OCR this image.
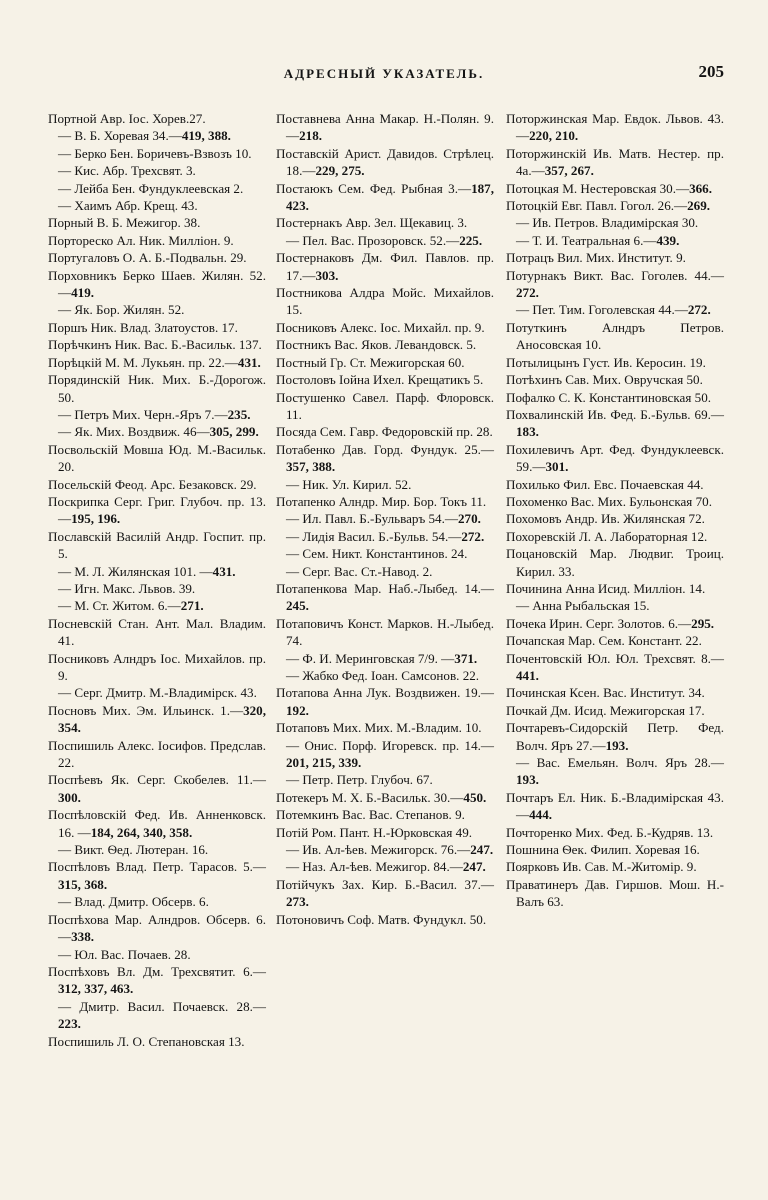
АДРЕСНЫЙ УКАЗАТЕЛЬ.	205

Портной Авр. Іос. Хорев.27.

— В. Б. Хоревая 34.—419, 388.

— Берко Бен. Боричевъ-Взвозъ 10.

— Кис. Абр. Трехсвят. 3.

— Лейба Бен. Фундуклеевская 2.

— Хаимъ Абр. Крещ. 43.

Порный В. Б. Межигор. 38.

Портореско Ал. Ник. Милліон. 9.

Португаловъ О. А. Б.-Подвальн. 29.

Порховникъ Берко Шаев. Жилян. 52.—419.

— Як. Бор. Жилян. 52.

Поршъ Ник. Влад. Златоустов. 17.

Порѣчкинъ Ник. Вас. Б.-Васильк. 137.

Порѣцкій М. М. Лукьян. пр. 22.—431.

Порядинскій Ник. Мих. Б.-Дорогож. 50.

— Петръ Мих. Черн.-Яръ 7.—235.

— Як. Мих. Воздвиж. 46—305, 299.

Посвольскій Мовша Юд. М.-Васильк. 20.

Посельскій Феод. Арс. Безаковск. 29.

Поскрипка Серг. Григ. Глубоч. пр. 13.—195, 196.

Пославскій Василій Андр. Госпит. пр. 5.

— М. Л. Жилянская 101. —431.

— Игн. Макс. Львов. 39.

— М. Ст. Житом. 6.—271.

Посневскій Стан. Ант. Мал. Владим. 41.

Посниковъ Алндръ Іос. Михайлов. пр. 9.

— Серг. Дмитр. М.-Владимірск. 43.

Посновъ Мих. Эм. Ильинск. 1.—320, 354.

Поспишиль Алекс. Іосифов. Предслав. 22.

Поспѣевъ Як. Серг. Скобелев. 11.—300.

Поспѣловскій Фед. Ив. Анненковск. 16. —184, 264, 340, 358.

— Викт. Ѳед. Лютеран. 16.

Поспѣловъ Влад. Петр. Тарасов. 5.—315, 368.

— Влад. Дмитр. Обсерв. 6.

Поспѣхова Мар. Алндров. Обсерв. 6.—338.

— Юл. Вас. Почаев. 28.

Поспѣховъ Вл. Дм. Трехсвятит. 6.—312, 337, 463.

— Дмитр. Васил. Почаевск. 28.—223.

Поспишиль Л. О. Степановская 13.

Поставнева Анна Макар. Н.-Полян. 9.—218.

Поставскій Арист. Давидов. Стрѣлец. 18.—229, 275.

Постаюкъ Сем. Фед. Рыбная 3.—187, 423.

Постернакъ Авр. Зел. Щекавиц. 3.

— Пел. Вас. Прозоровск. 52.—225.

Постернаковъ Дм. Фил. Павлов. пр. 17.—303.

Постникова Алдра Мойс. Михайлов. 15.

Пocниковъ Алекс. Іос. Михайл. пр. 9.

Постникъ Вас. Яков. Левандовск. 5.

Постный Гр. Ст. Межигорская 60.

Постоловъ Іойна Ихел. Крещатикъ 5.

Постушенко Савел. Парф. Флоровск. 11.

Посяда Сем. Гавр. Федоровскій пр. 28.

Потабенко Дав. Горд. Фундук. 25.—357, 388.

— Ник. Ул. Кирил. 52.

Потапенко Алндр. Мир. Бор. Токъ 11.

— Ил. Павл. Б.-Бульваръ 54.—270.

— Лидія Васил. Б.-Бульв. 54.—272.

— Сем. Никт. Константинов. 24.

— Серг. Вас. Ст.-Навод. 2.

Потапенкова Мар. Наб.-Лыбед. 14.—245.

Потаповичъ Конст. Марков. Н.-Лыбед. 74.

— Ф. И. Меринговская 7/9. —371.

— Жабко Фед. Іоан. Самсонов. 22.

Потапова Анна Лук. Воздвижен. 19.—192.

Потаповъ Мих. Мих. М.-Владим. 10.

— Онис. Порф. Игоревск. пр. 14.—201, 215, 339.

— Петр. Петр. Глубоч. 67.

Потекеръ М. Х. Б.-Васильк. 30.—450.

Потемкинъ Вас. Вас. Степанов. 9.

Потій Ром. Пант. Н.-Юрковская 49.

— Ив. Ал-ѣев. Межигорск. 76.—247.

— Наз. Ал-ѣев. Межигор. 84.—247.

Потійчукъ Зах. Кир. Б.-Васил. 37.—273.

Потоновичъ Соф. Матв. Фундукл. 50.

Поторжинская Мар. Евдок. Львов. 43.—220, 210.

Поторжинскій Ив. Матв. Нестер. пр. 4а.—357, 267.

Потоцкая М. Нестеровская 30.—366.

Потоцкій Евг. Павл. Гогол. 26.—269.

— Ив. Петров. Владимірская 30.

— Т. И. Театральная 6.—439.

Потрацъ Вил. Мих. Институт. 9.

Потурнакъ Викт. Вас. Гоголев. 44.—272.

— Пет. Тим. Гоголевская 44.—272.

Потуткинъ Алндръ Петров. Аносовская 10.

Потылицынъ Густ. Ив. Керосин. 19.

Потѣхинъ Сав. Мих. Овручская 50.

Пофалко С. К. Константиновская 50.

Похвалинскій Ив. Фед. Б.-Бульв. 69.—183.

Похилевичъ Арт. Фед. Фундуклеевск. 59.—301.

Похилько Фил. Евс. Почаевская 44.

Похоменко Вас. Мих. Бульонская 70.

Похомовъ Андр. Ив. Жилянская 72.

Похоревскій Л. А. Лабораторная 12.

Поцановскій Мар. Людвиг. Троиц. Кирил. 33.

Починина Анна Исид. Милліон. 14.

— Анна Рыбальская 15.

Почека Ирин. Серг. Золотов. 6.—295.

Почапская Мар. Сем. Констант. 22.

Почентовскій Юл. Юл. Трехсвят. 8.—441.

Починская Ксен. Вас. Институт. 34.

Почкай Дм. Исид. Межигорская 17.

Почтаревъ-Сидорскій Петр. Фед. Волч. Яръ 27.—193.

— Вас. Емельян. Волч. Яръ 28.—193.

Почтаръ Ел. Ник. Б.-Владимірская 43.—444.

Почторенко Мих. Фед. Б.-Кудряв. 13.

Пошнина Ѳек. Филип. Хоревая 16.

Поярковъ Ив. Сав. М.-Житомір. 9.

Праватинеръ Дав. Гиршов. Мош. Н.-Валъ 63.
